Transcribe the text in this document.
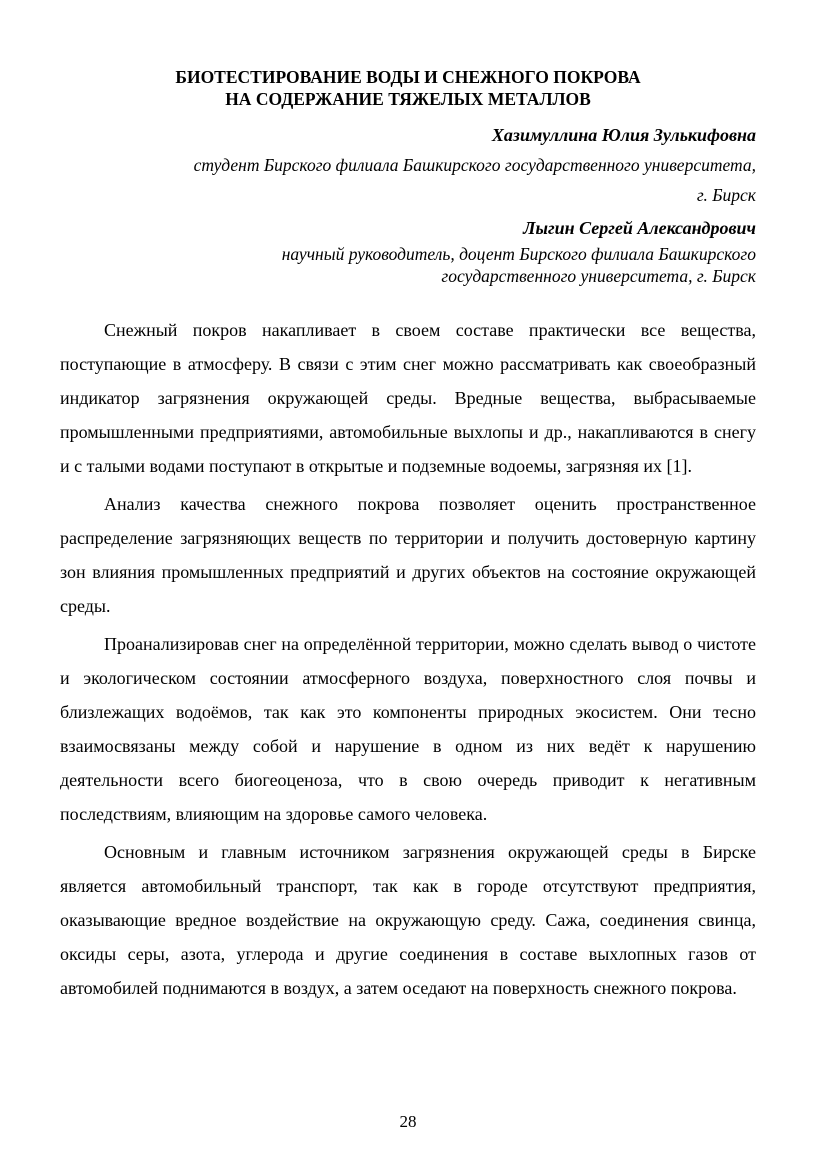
БИОТЕСТИРОВАНИЕ ВОДЫ И СНЕЖНОГО ПОКРОВА
НА СОДЕРЖАНИЕ ТЯЖЕЛЫХ МЕТАЛЛОВ
Хазимуллина Юлия Зулькифовна
студент Бирского филиала Башкирского государственного университета,
г. Бирск
Лыгин Сергей Александрович
научный руководитель, доцент Бирского филиала Башкирского
государственного университета, г. Бирск

Снежный покров накапливает в своем составе практически все вещества, поступающие в атмосферу. В связи с этим снег можно рассматривать как своеобразный индикатор загрязнения окружающей среды. Вредные вещества, выбрасываемые промышленными предприятиями, автомобильные выхлопы и др., накапливаются в снегу и с талыми водами поступают в открытые и подземные водоемы, загрязняя их [1].

Анализ качества снежного покрова позволяет оценить пространственное распределение загрязняющих веществ по территории и получить достоверную картину зон влияния промышленных предприятий и других объектов на состояние окружающей среды.

Проанализировав снег на определённой территории, можно сделать вывод о чистоте и экологическом состоянии атмосферного воздуха, поверхностного слоя почвы и близлежащих водоёмов, так как это компоненты природных экосистем. Они тесно взаимосвязаны между собой и нарушение в одном из них ведёт к нарушению деятельности всего биогеоценоза, что в свою очередь приводит к негативным последствиям, влияющим на здоровье самого человека.

Основным и главным источником загрязнения окружающей среды в Бирске является автомобильный транспорт, так как в городе отсутствуют предприятия, оказывающие вредное воздействие на окружающую среду. Сажа, соединения свинца, оксиды серы, азота, углерода и другие соединения в составе выхлопных газов от автомобилей поднимаются в воздух, а затем оседают на поверхность снежного покрова.

28
